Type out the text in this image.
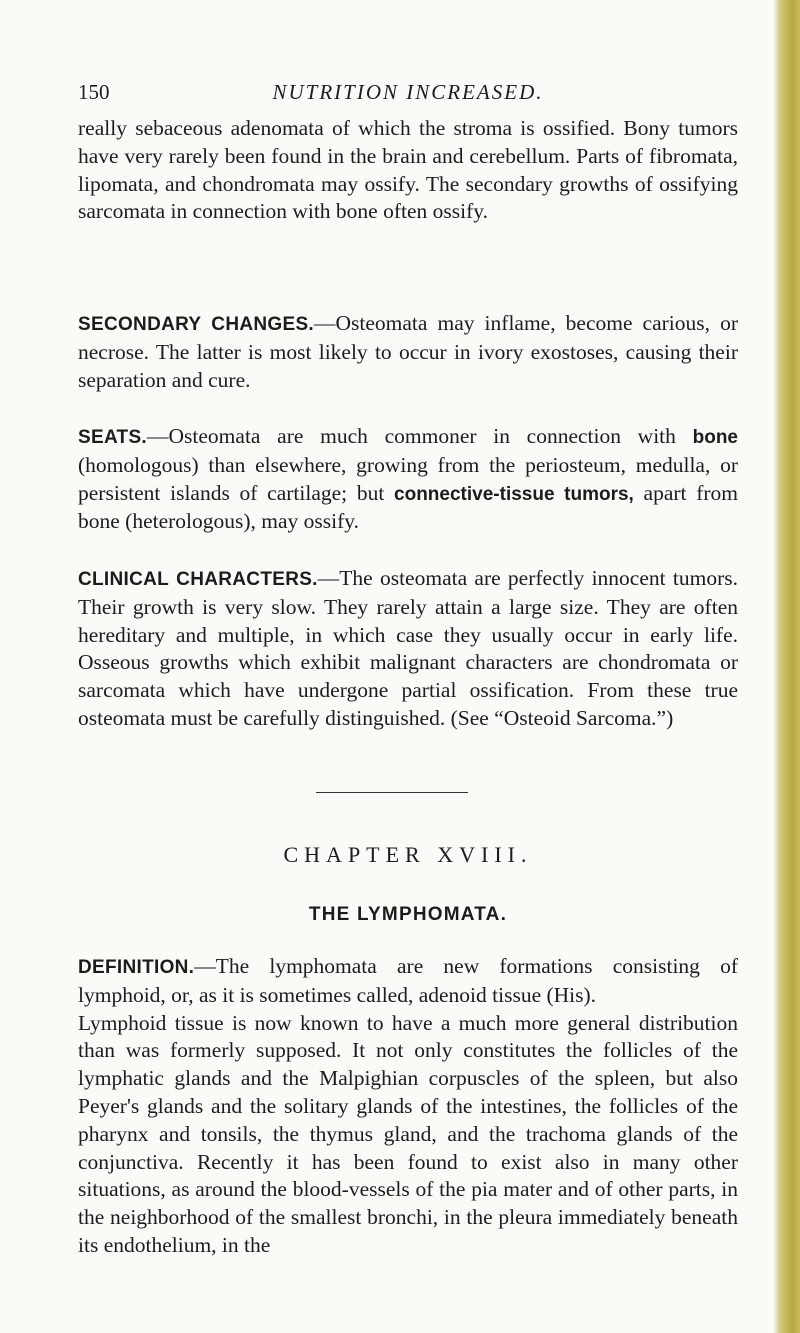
150	NUTRITION INCREASED.
really sebaceous adenomata of which the stroma is ossified. Bony tumors have very rarely been found in the brain and cerebellum. Parts of fibromata, lipomata, and chondromata may ossify. The secondary growths of ossifying sarcomata in connection with bone often ossify.
SECONDARY CHANGES.—Osteomata may inflame, become carious, or necrose. The latter is most likely to occur in ivory exostoses, causing their separation and cure.
SEATS.—Osteomata are much commoner in connection with bone (homologous) than elsewhere, growing from the periosteum, medulla, or persistent islands of cartilage; but connective-tissue tumors, apart from bone (heterologous), may ossify.
CLINICAL CHARACTERS.—The osteomata are perfectly innocent tumors. Their growth is very slow. They rarely attain a large size. They are often hereditary and multiple, in which case they usually occur in early life. Osseous growths which exhibit malignant characters are chondromata or sarcomata which have undergone partial ossification. From these true osteomata must be carefully distinguished. (See “Osteoid Sarcoma.”)
CHAPTER XVIII.
THE LYMPHOMATA.
DEFINITION.—The lymphomata are new formations consisting of lymphoid, or, as it is sometimes called, adenoid tissue (His).
Lymphoid tissue is now known to have a much more general distribution than was formerly supposed. It not only constitutes the follicles of the lymphatic glands and the Malpighian corpuscles of the spleen, but also Peyer's glands and the solitary glands of the intestines, the follicles of the pharynx and tonsils, the thymus gland, and the trachoma glands of the conjunctiva. Recently it has been found to exist also in many other situations, as around the blood-vessels of the pia mater and of other parts, in the neighborhood of the smallest bronchi, in the pleura immediately beneath its endothelium, in the
